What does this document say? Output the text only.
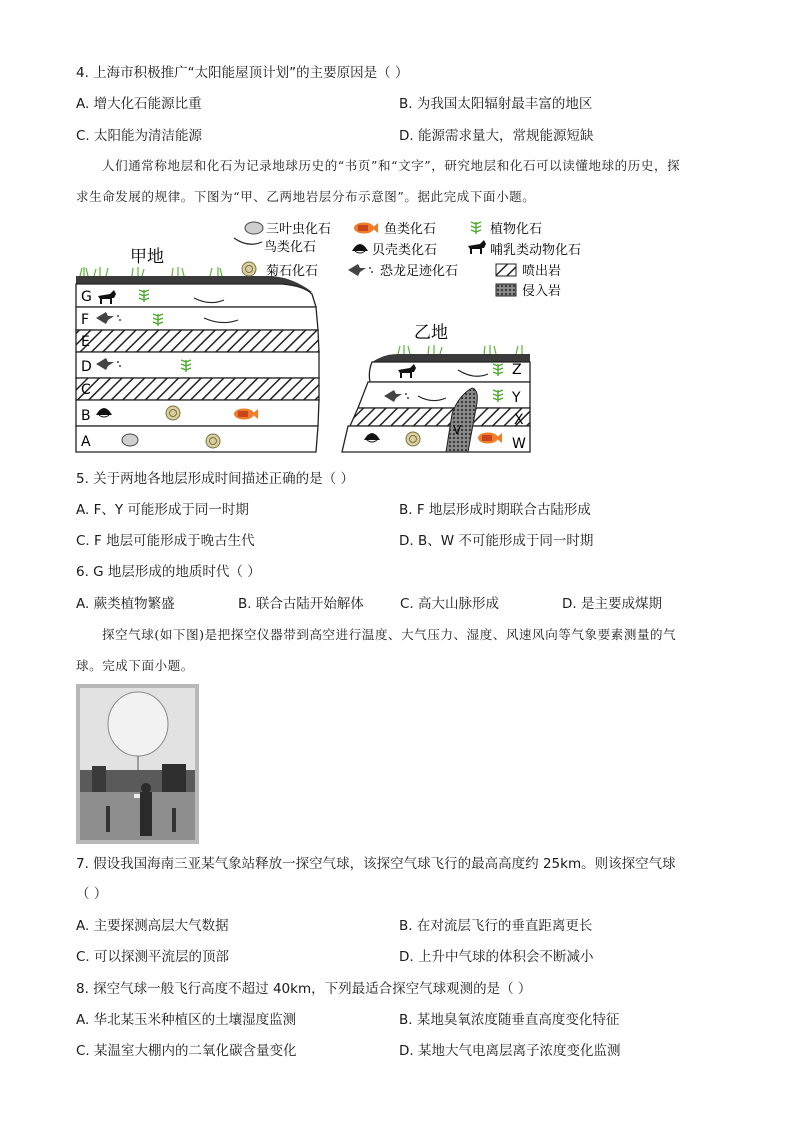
4. 上海市积极推广“太阳能屋顶计划”的主要原因是（ ）
A. 增大化石能源比重	B. 为我国太阳辐射最丰富的地区
C. 太阳能为清洁能源	D. 能源需求量大，常规能源短缺
人们通常称地层和化石为记录地球历史的“书页”和“文字”，研究地层和化石可以读懂地球的历史，探
求生命发展的规律。下图为“甲、乙两地岩层分布示意图”。据此完成下面小题。
甲地
G
F
E
D
C
B
A
三叶虫化石	鱼类化石	植物化石
鸟类化石	贝壳类化石	哺乳类动物化石
菊石化石	恐龙足迹化石	喷出岩
侵入岩
乙地
Z
Y
X
V
W
5. 关于两地各地层形成时间描述正确的是（ ）
A. F、Y 可能形成于同一时期	B. F 地层形成时期联合古陆形成
C. F 地层可能形成于晚古生代	D. B、W 不可能形成于同一时期
6. G 地层形成的地质时代（ ）
A. 蕨类植物繁盛	B. 联合古陆开始解体	C. 高大山脉形成	D. 是主要成煤期
探空气球(如下图)是把探空仪器带到高空进行温度、大气压力、湿度、风速风向等气象要素测量的气
球。完成下面小题。
7. 假设我国海南三亚某气象站释放一探空气球，该探空气球飞行的最高高度约 25km。则该探空气球
（ ）
A. 主要探测高层大气数据	B. 在对流层飞行的垂直距离更长
C. 可以探测平流层的顶部	D. 上升中气球的体积会不断减小
8. 探空气球一般飞行高度不超过 40km，下列最适合探空气球观测的是（ ）
A. 华北某玉米种植区的土壤湿度监测	B. 某地臭氧浓度随垂直高度变化特征
C. 某温室大棚内的二氧化碳含量变化	D. 某地大气电离层离子浓度变化监测
